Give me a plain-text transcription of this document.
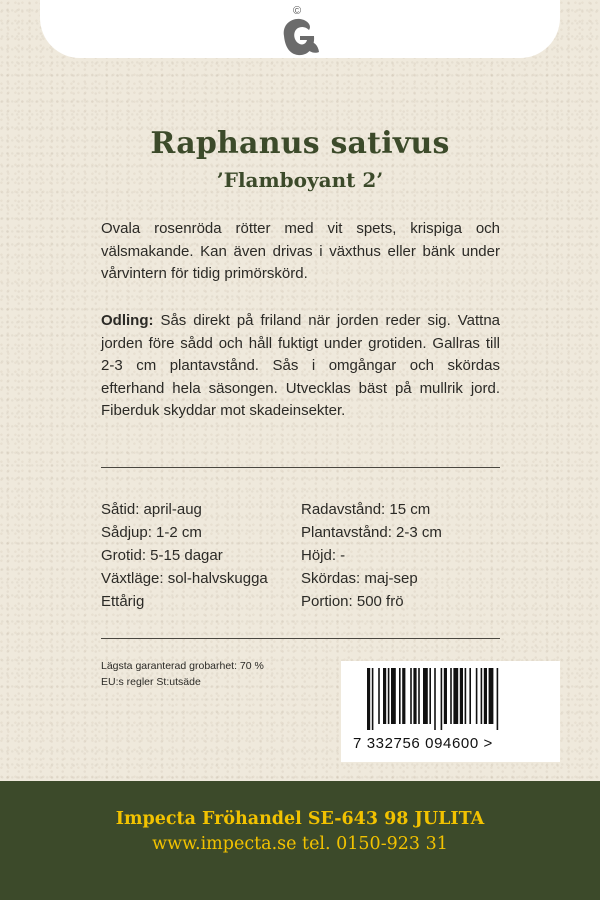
©
Raphanus sativus
’Flamboyant 2’
Ovala rosenröda rötter med vit spets, krispiga och välsmakande. Kan även drivas i växthus eller bänk under vårvintern för tidig primörskörd.
Odling: Sås direkt på friland när jorden reder sig. Vattna jorden före sådd och håll fuktigt under grotiden. Gallras till 2-3 cm plantavstånd. Sås i omgångar och skördas efterhand hela säsongen. Utvecklas bäst på mullrik jord. Fiberduk skyddar mot skadeinsekter.
Såtid: april-aug
Sådjup: 1-2 cm
Grotid: 5-15 dagar
Växtläge: sol-halvskugga
Ettårig
Radavstånd: 15 cm
Plantavstånd: 2-3 cm
Höjd: -
Skördas: maj-sep
Portion: 500 frö
Lägsta garanterad grobarhet: 70 %
EU:s regler St:utsäde
7 332756 094600 >
Impecta Fröhandel SE-643 98 JULITA
www.impecta.se tel. 0150-923 31
